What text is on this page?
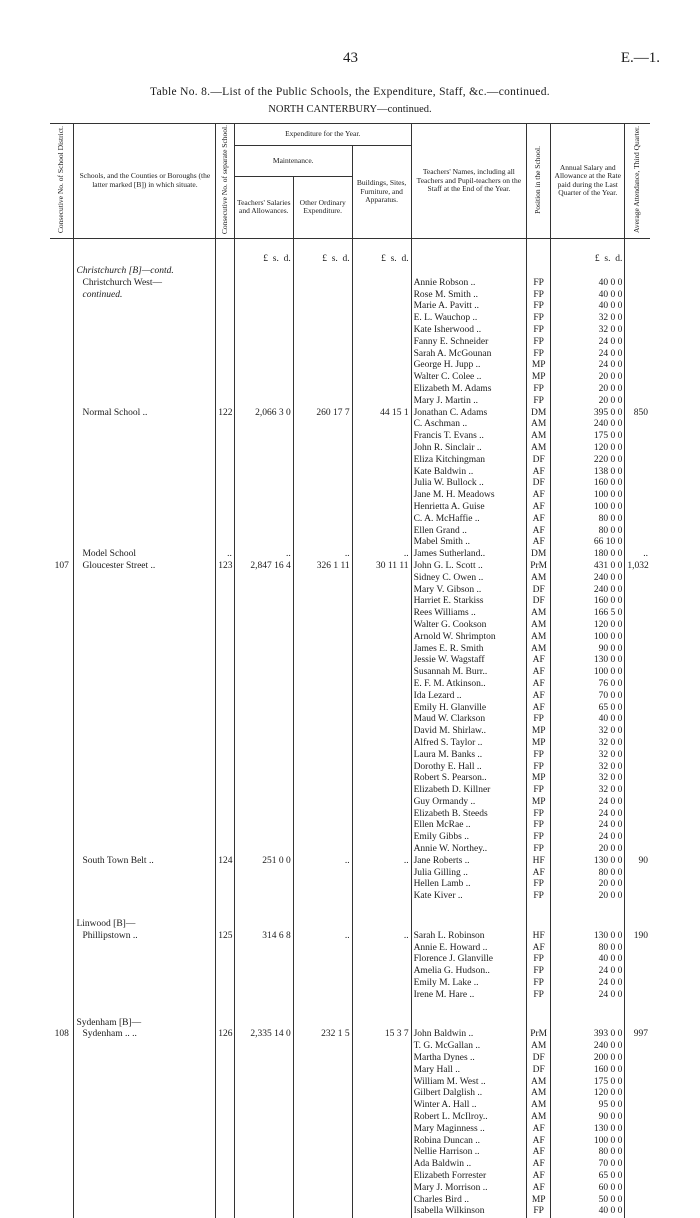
43	E.—1.
Table No. 8.—List of the Public Schools, the Expenditure, Staff, &c.—continued.
NORTH CANTERBURY—continued.
Consecutive No. of School District.	Schools, and the Counties or Boroughs (the latter marked [B]) in which situate.	Consecutive No. of separate School.	Expenditure for the Year.			Teachers' Names, including all Teachers and Pupil-teachers on the Staff at the End of the Year.	Position in the School.	Annual Salary and Allowance at the Rate paid during the Last Quarter of the Year.	Average Attendance, Third Quarter.
			Maintenance.		Buildings, Sites, Furniture, and Apparatus.				
			Teachers' Salaries and Allowances.	Other Ordinary Expenditure.					

			£ s. d.	£ s. d.	£ s. d.			£ s. d.	
	Christchurch [B]—contd.								
	Christchurch West—					Annie Robson ..	FP	40 0 0	
	continued.					Rose M. Smith ..	FP	40 0 0	
						Marie A. Pavitt ..	FP	40 0 0	
						E. L. Wauchop ..	FP	32 0 0	
						Kate Isherwood ..	FP	32 0 0	
						Fanny E. Schneider	FP	24 0 0	
						Sarah A. McGounan	FP	24 0 0	
						George H. Jupp ..	MP	24 0 0	
						Walter C. Colee ..	MP	20 0 0	
						Elizabeth M. Adams	FP	20 0 0	
						Mary J. Martin ..	FP	20 0 0	
	Normal School ..	122	2,066 3 0	260 17 7	44 15 1	Jonathan C. Adams	DM	395 0 0	850
						C. Aschman ..	AM	240 0 0	
						Francis T. Evans ..	AM	175 0 0	
						John R. Sinclair ..	AM	120 0 0	
						Eliza Kitchingman	DF	220 0 0	
						Kate Baldwin ..	AF	138 0 0	
						Julia W. Bullock ..	DF	160 0 0	
						Jane M. H. Meadows	AF	100 0 0	
						Henrietta A. Guise	AF	100 0 0	
						C. A. McHaffie ..	AF	80 0 0	
						Ellen Grand ..	AF	80 0 0	
						Mabel Smith ..	AF	66 10 0	
	Model School	..	..	..	..	James Sutherland..	DM	180 0 0	..
107	Gloucester Street ..	123	2,847 16 4	326 1 11	30 11 11	John G. L. Scott ..	PrM	431 0 0	1,032
						Sidney C. Owen ..	AM	240 0 0	
						Mary V. Gibson ..	DF	240 0 0	
						Harriet E. Starkiss	DF	160 0 0	
						Rees Williams ..	AM	166 5 0	
						Walter G. Cookson	AM	120 0 0	
						Arnold W. Shrimpton	AM	100 0 0	
						James E. R. Smith	AM	90 0 0	
						Jessie W. Wagstaff	AF	130 0 0	
						Susannah M. Burr..	AF	100 0 0	
						E. F. M. Atkinson..	AF	76 0 0	
						Ida Lezard ..	AF	70 0 0	
						Emily H. Glanville	AF	65 0 0	
						Maud W. Clarkson	FP	40 0 0	
						David M. Shirlaw..	MP	32 0 0	
						Alfred S. Taylor ..	MP	32 0 0	
						Laura M. Banks ..	FP	32 0 0	
						Dorothy E. Hall ..	FP	32 0 0	
						Robert S. Pearson..	MP	32 0 0	
						Elizabeth D. Killner	FP	32 0 0	
						Guy Ormandy ..	MP	24 0 0	
						Elizabeth B. Steeds	FP	24 0 0	
						Ellen McRae ..	FP	24 0 0	
						Emily Gibbs ..	FP	24 0 0	
						Annie W. Northey..	FP	20 0 0	
	South Town Belt ..	124	251 0 0	..	..	Jane Roberts ..	HF	130 0 0	90
						Julia Gilling ..	AF	80 0 0	
						Hellen Lamb ..	FP	20 0 0	
						Kate Kiver ..	FP	20 0 0	

	Linwood [B]—								
	Phillipstown ..	125	314 6 8	..	..	Sarah L. Robinson	HF	130 0 0	190
						Annie E. Howard ..	AF	80 0 0	
						Florence J. Glanville	FP	40 0 0	
						Amelia G. Hudson..	FP	24 0 0	
						Emily M. Lake ..	FP	24 0 0	
						Irene M. Hare ..	FP	24 0 0	

	Sydenham [B]—								
108	Sydenham .. ..	126	2,335 14 0	232 1 5	15 3 7	John Baldwin ..	PrM	393 0 0	997
						T. G. McGallan ..	AM	240 0 0	
						Martha Dynes ..	DF	200 0 0	
						Mary Hall ..	DF	160 0 0	
						William M. West ..	AM	175 0 0	
						Gilbert Dalglish ..	AM	120 0 0	
						Winter A. Hall ..	AM	95 0 0	
						Robert L. McIlroy..	AM	90 0 0	
						Mary Maginness ..	AF	130 0 0	
						Robina Duncan ..	AF	100 0 0	
						Nellie Harrison ..	AF	80 0 0	
						Ada Baldwin ..	AF	70 0 0	
						Elizabeth Forrester	AF	65 0 0	
						Mary J. Morrison ..	AF	60 0 0	
						Charles Bird ..	MP	50 0 0	
						Isabella Wilkinson	FP	40 0 0	
